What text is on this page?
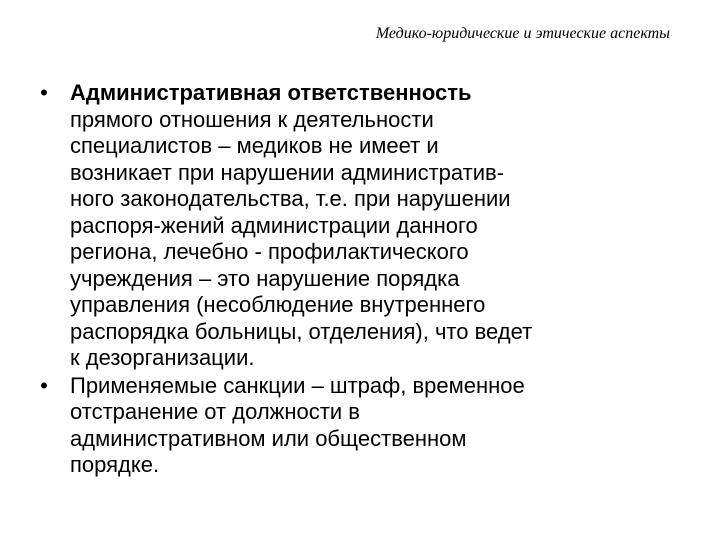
Медико-юридические и этические аспекты
• Административная ответственность
прямого отношения к деятельности
специалистов – медиков не имеет и
возникает при нарушении административ-
ного законодательства, т.е. при нарушении
распоря-жений администрации данного
региона, лечебно - профилактического
учреждения – это нарушение порядка
управления (несоблюдение внутреннего
распорядка больницы, отделения), что ведет
к дезорганизации.
• Применяемые санкции – штраф, временное
отстранение от должности в
административном или общественном
порядке.
